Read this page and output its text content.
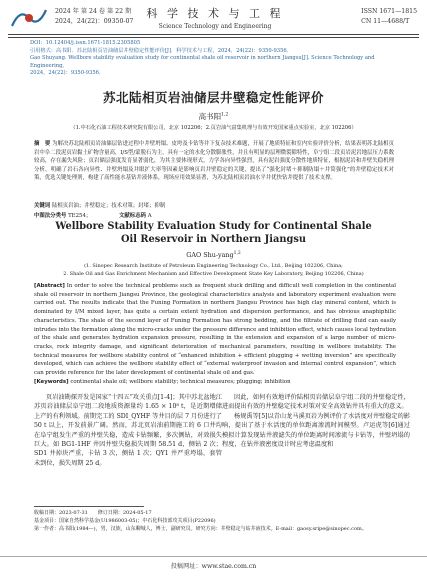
2024 年 第 24 卷 第 22 期
2024，24(22)：09350-07
科 学 技 术 与 工 程
Science Technology and Engineering
ISSN 1671—1815
CN 11—4688/T
DOI：10.12404/j.issn.1671-1815.2305805
引用格式：高书阳．苏北陆相页岩油储层井壁稳定性能评价[J]．科学技术与工程，2024，24(22)：9350-9356．
Gao Shuyang. Wellbore stability evaluation study for continental shale oil reservoir in northern Jiangsu[J]. Science Technology and Engineering,
2024，24(22)：9350-9356.
苏北陆相页岩油储层井壁稳定性能评价
高书阳$^{1,2}$
（1.中石化石油工程技术研究院有限公司，北京 102206；2.页岩油气富集机理与有效开发国家重点实验室，北京 102206）
摘　要 为解决苏北陆相页岩油储层钻进过程中井壁坍塌、皮垮及卡钻等井下复杂技术难题，开展了地质特征和室内实验评价分析，结果表明苏北陆相页岩中阜二段泥页岩黏土矿物含量高，I/S型/蒙脱石为主，具有一定的水化分散膨胀性，并且有明显的层理微裂隙特性，阜宁组二段页岩泥岩地层压力系数较高，存在漏失风险；页岩储层强度发育显著弱化，为其主要体现形式，力学各向异性强烈，具有泥岩强度分散性地质特征，根据泥岩和井壁失稳机理分析，明确了岩石各向异性、井壁坍塌及井眼扩大率等因素是影响页岩井壁稳定的关键，提出了“强化封堵＋抑制防塌＋井筒强化”的井壁稳定技术对策，优选关键处理剂，构建了高性能水基钻井液体系，现场应用效果显著，为苏北陆相页岩油水平井优快钻井提供了技术支撑。
关键词 陆相页岩油；井壁稳定；技术对策；封堵；抑制
中图法分类号 TE254；	文献标志码 A
Wellbore Stability Evaluation Study for Continental Shale
Oil Reservoir in Northern Jiangsu
GAO Shu-yang$^{1,2}$
(1. Sinopec Research Institute of Petroleum Engineering Technology Co., Ltd., Beijing 102206, China;
2. Shale Oil and Gas Enrichment Mechanism and Effective Development State Key Laboratory, Beijing 102206, China)
[Abstract] In order to solve the technical problems such as frequent stuck drilling and difficult well completion in the continental shale oil reservoir in northern Jiangsu Province, the geological characteristics analysis and laboratory experiment evaluation were carried out. The results indicate that the Funing Formation in northern Jiangsu Province has high clay mineral content, which is dominated by I/M mixed layer, has quite a certain extent hydration and dispersion performance, and has obvious anaphiphilic characteristics. The shale of the second layer of Funing Formation has strong bedding, and the filtrate of drilling fluid can easily intrudes into the formation along the micro-cracks under the pressure difference and inhibition effect, which causes local hydration of the shale and generates hydration expansion pressure, resulting in the extension and expansion of a large number of micro-cracks, rock integrity damage, and significant deterioration of mechanical parameters, resulting in wellbore instability. The technical measures for wellbore stability control of “enhanced inhibition + efficient plugging + wetting inversion” are specifically developed, which can achieve the wellbore stability effect of “external waterproof invasion and internal control expansion”, which can provide reference for the later development of continental shale oil and gas.
[Keywords] continental shale oil; wellbore stability; technical measures; plugging; inhibition

页岩油勘探开发是国家“十四五”攻关重点[1-4]；其中苏北盆地江苏页岩油储层阜宁组二段地质资源量约 1.65 × 10⁸ t，是近期增储上产的有利领域。前期完工的 SDI_QYHF 等井目的层 7 月份进行了 50 t 以上，开发前景广阔。然而，苏北页岩油前期施工的 6 口井均在阜宁组发生严重的井壁失稳，造成卡钻频繁，多次侧钻，对效损失巨大。如 BG1-1HF 井因井壁失稳损失周期 58.51 d，侧钻 2 次；SD1 井掉块严重，卡钻 3 次，侧钻 1 次；QY1 井严重垮塌，套管未到位，损失周期 25 d。

因此，如何有效地评价陆相页岩储层阜宁组二段的井壁稳定性，进而提出有效的井壁稳定技术对策对安全高效钻井具有重大的意义。

杨规禹等[5]以青山龙马溪页岩为例评价了水活度对井壁稳定的影响，提出了基于水活度的单位距离渗流时间模型。卢运虎等[6]通过模拟计算发现钻井液滤失的单位距离时间渗流与卡钻等，井壁坍塌的程度，在钻井液密度设计时应考虑温度和

收稿日期：2023-07-31　　修订日期：2024-05-17
基金项目：国家自然科学基金(U1986003-05)；中石化科技部攻关项目(P22096)
第一作者：高书阳(1984—)，男，汉族，山东聊城人，博士，副研究员。研究方向：井壁稳定与钻井液技术。E-mail：gaosy.sripe@sinopec.com。
投稿网址：www.stae.com.cn
